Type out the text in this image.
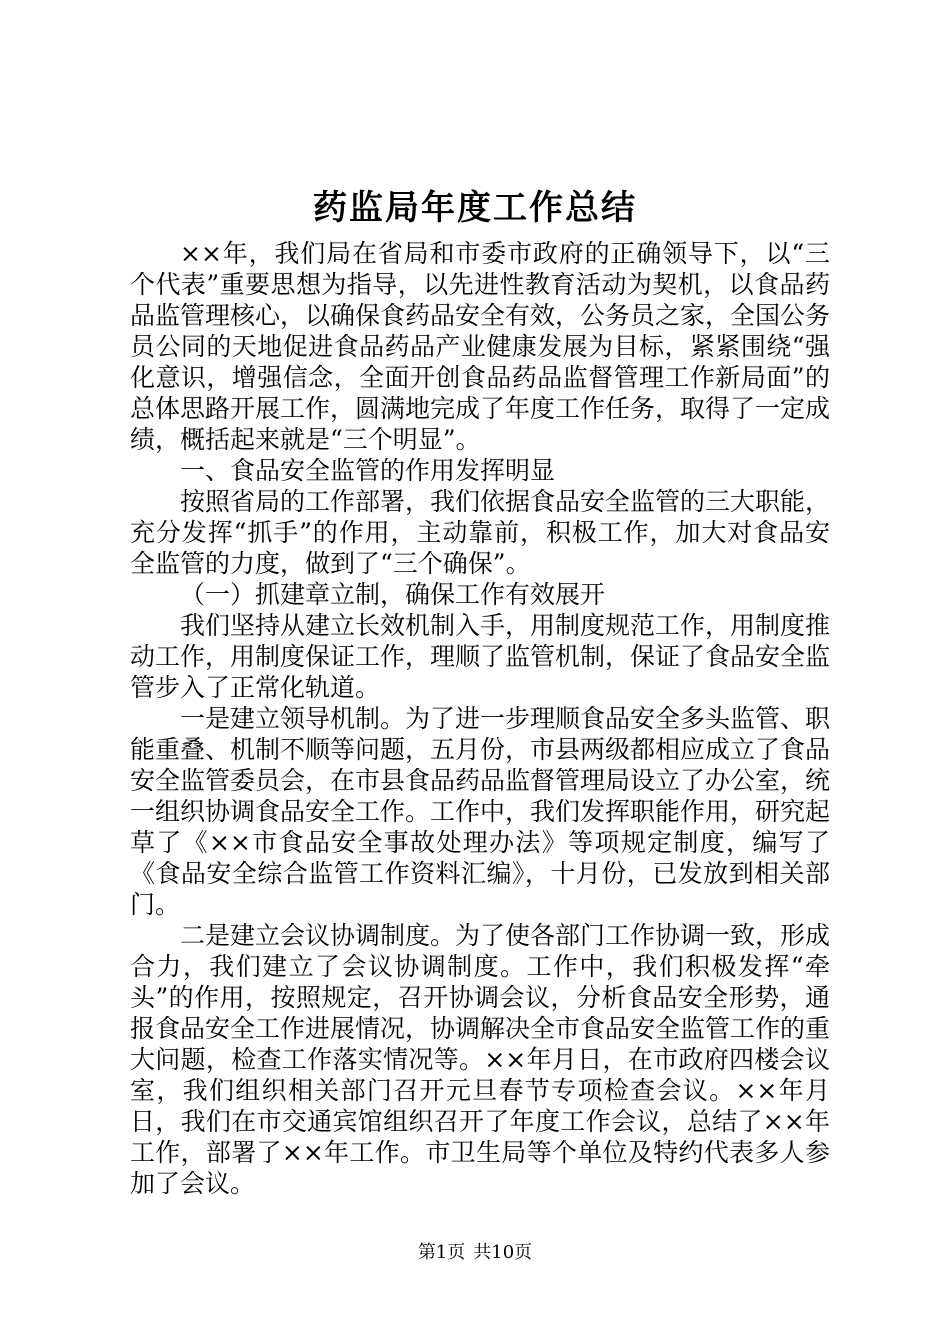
药监局年度工作总结

××年，我们局在省局和市委市政府的正确领导下，以“三个代表”重要思想为指导，以先进性教育活动为契机，以食品药品监管理核心，以确保食药品安全有效，公务员之家，全国公务员公同的天地促进食品药品产业健康发展为目标，紧紧围绕“强化意识，增强信念，全面开创食品药品监督管理工作新局面”的总体思路开展工作，圆满地完成了年度工作任务，取得了一定成绩，概括起来就是“三个明显”。

一、食品安全监管的作用发挥明显

按照省局的工作部署，我们依据食品安全监管的三大职能，充分发挥“抓手”的作用，主动靠前，积极工作，加大对食品安全监管的力度，做到了“三个确保”。

（一）抓建章立制，确保工作有效展开

我们坚持从建立长效机制入手，用制度规范工作，用制度推动工作，用制度保证工作，理顺了监管机制，保证了食品安全监管步入了正常化轨道。

一是建立领导机制。为了进一步理顺食品安全多头监管、职能重叠、机制不顺等问题，五月份，市县两级都相应成立了食品安全监管委员会，在市县食品药品监督管理局设立了办公室，统一组织协调食品安全工作。工作中，我们发挥职能作用，研究起草了《××市食品安全事故处理办法》等项规定制度，编写了《食品安全综合监管工作资料汇编》，十月份，已发放到相关部门。

二是建立会议协调制度。为了使各部门工作协调一致，形成合力，我们建立了会议协调制度。工作中，我们积极发挥“牵头”的作用，按照规定，召开协调会议，分析食品安全形势，通报食品安全工作进展情况，协调解决全市食品安全监管工作的重大问题，检查工作落实情况等。××年月日，在市政府四楼会议室，我们组织相关部门召开元旦春节专项检查会议。××年月日，我们在市交通宾馆组织召开了年度工作会议，总结了××年工作，部署了××年工作。市卫生局等个单位及特约代表多人参加了会议。

第1页 共10页
